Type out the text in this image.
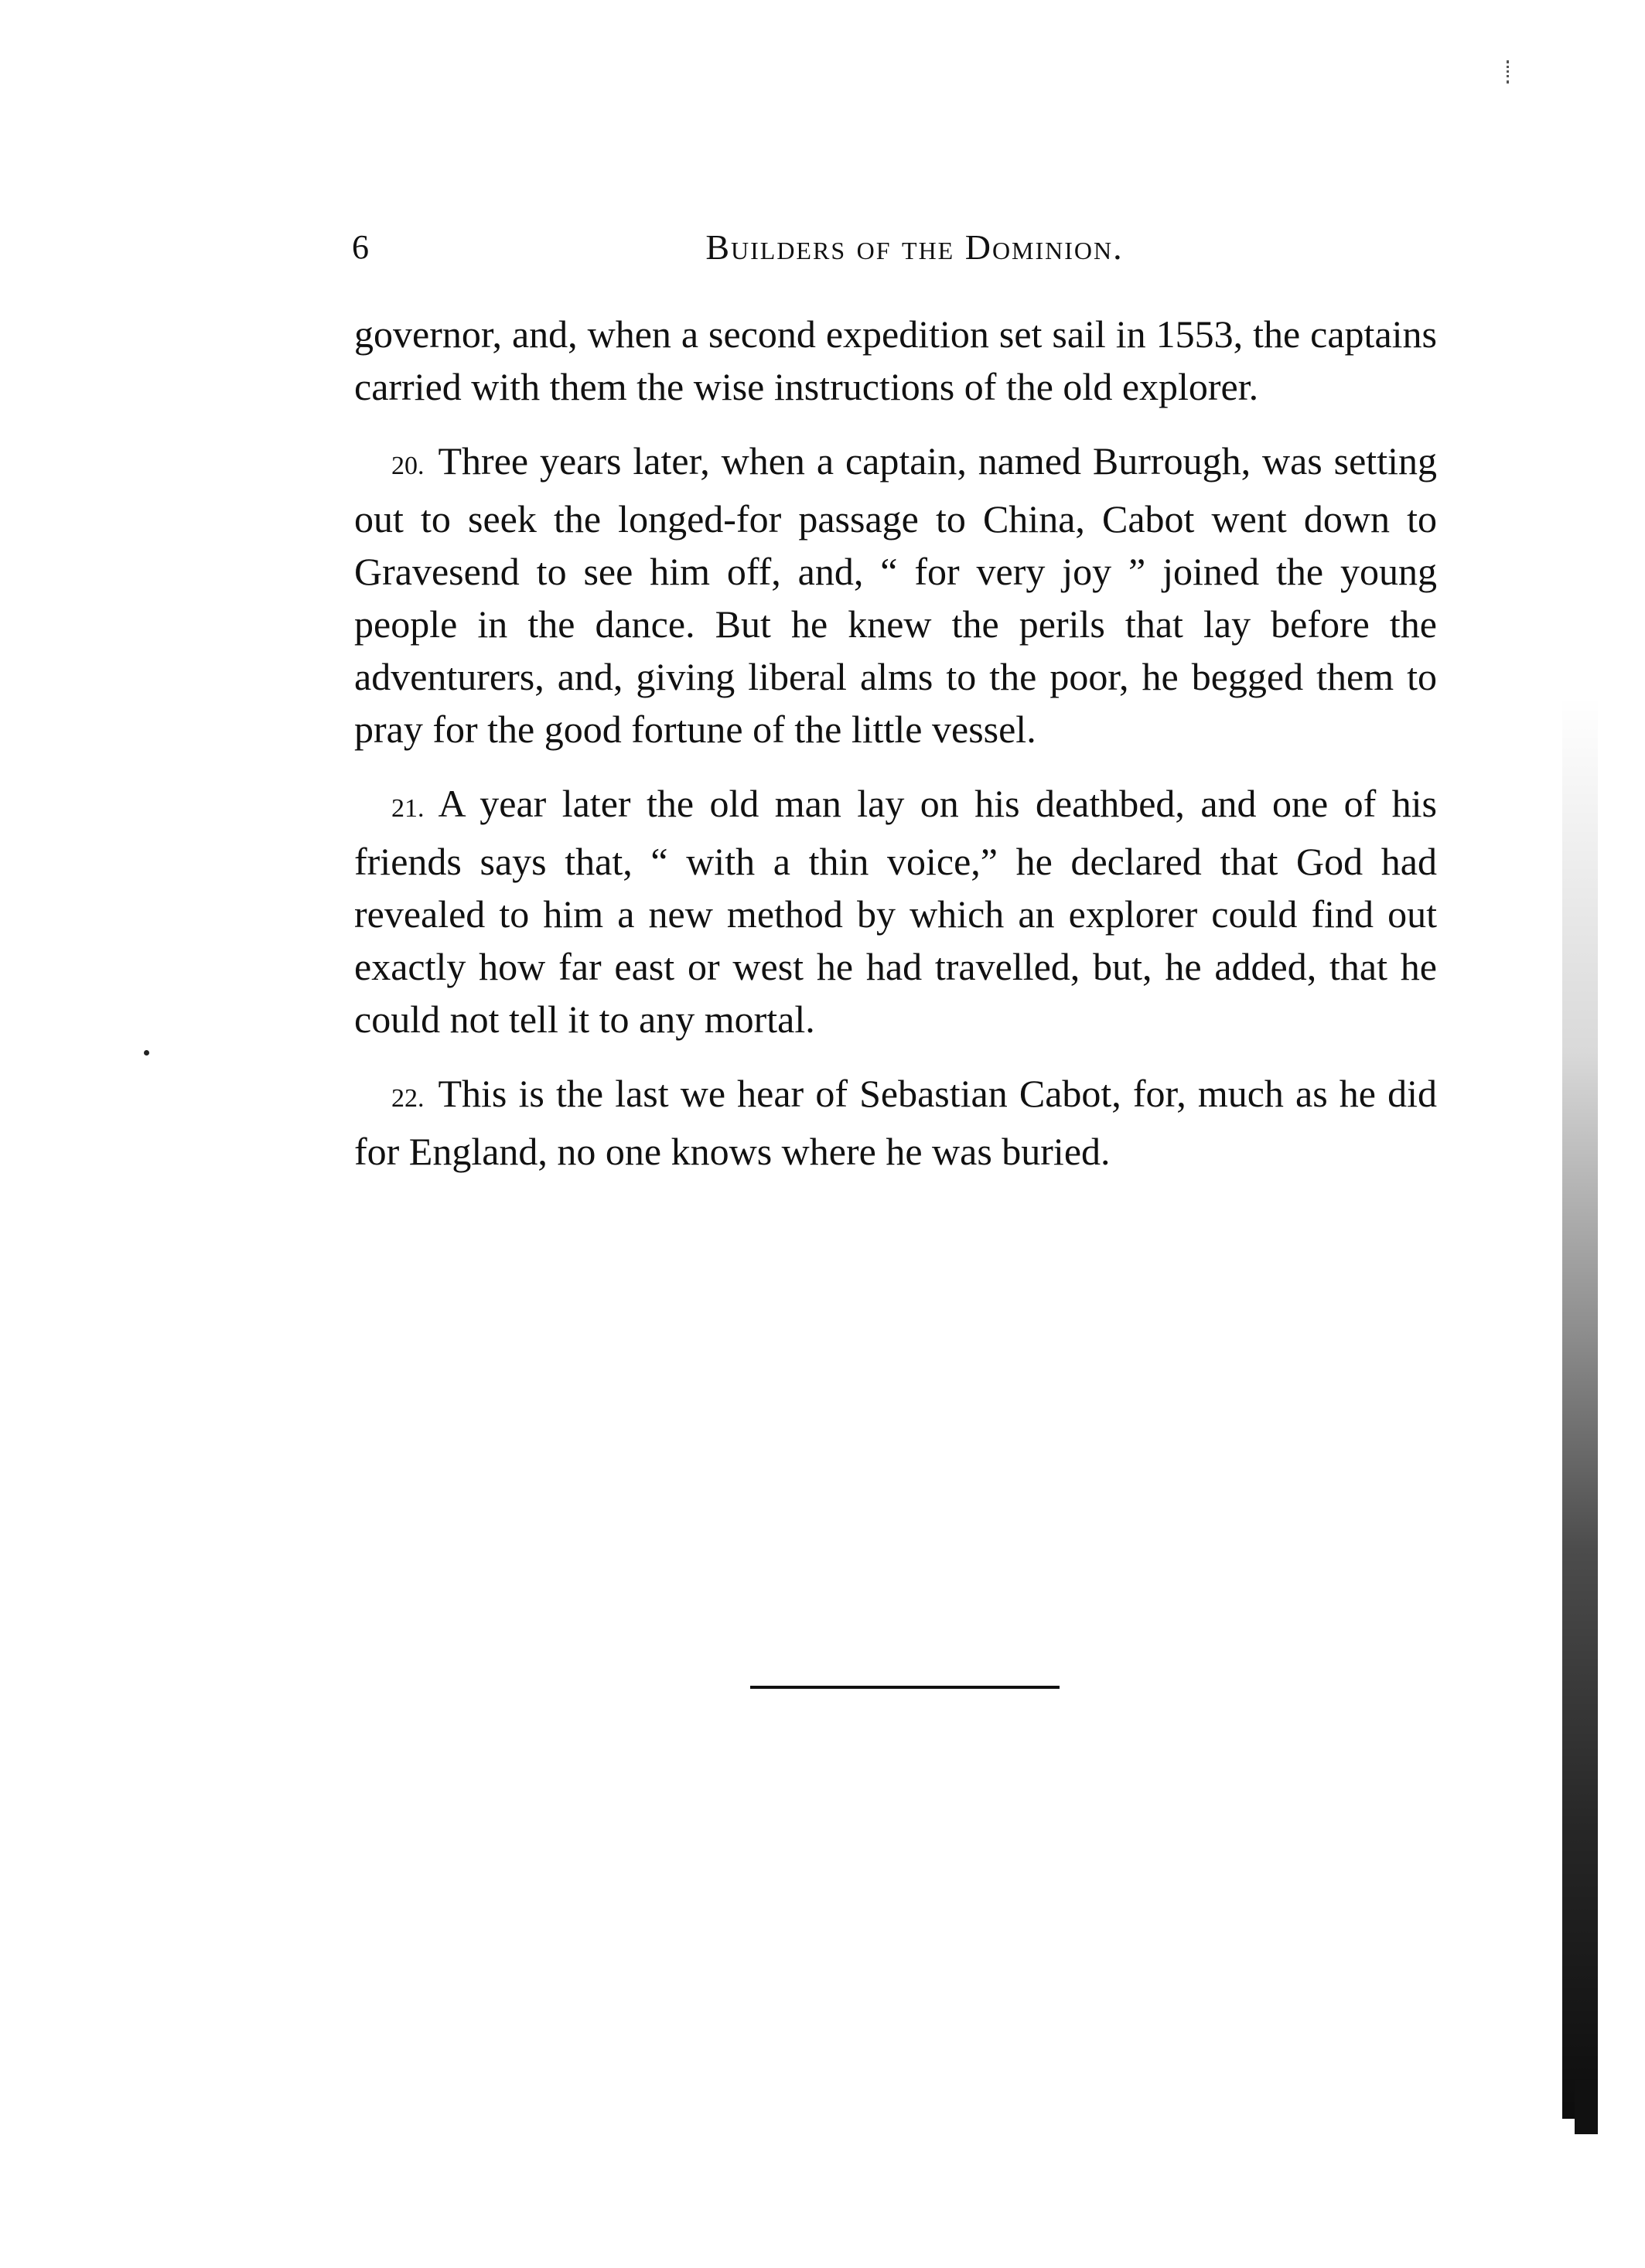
6	Builders of the Dominion.

governor, and, when a second expedition set sail in 1553, the captains carried with them the wise instructions of the old explorer.

20. Three years later, when a captain, named Burrough, was setting out to seek the longed-for passage to China, Cabot went down to Gravesend to see him off, and, “ for very joy ” joined the young people in the dance. But he knew the perils that lay before the adventurers, and, giving liberal alms to the poor, he begged them to pray for the good fortune of the little vessel.

21. A year later the old man lay on his deathbed, and one of his friends says that, “ with a thin voice,” he declared that God had revealed to him a new method by which an explorer could find out exactly how far east or west he had travelled, but, he added, that he could not tell it to any mortal.

22. This is the last we hear of Sebastian Cabot, for, much as he did for England, no one knows where he was buried.
